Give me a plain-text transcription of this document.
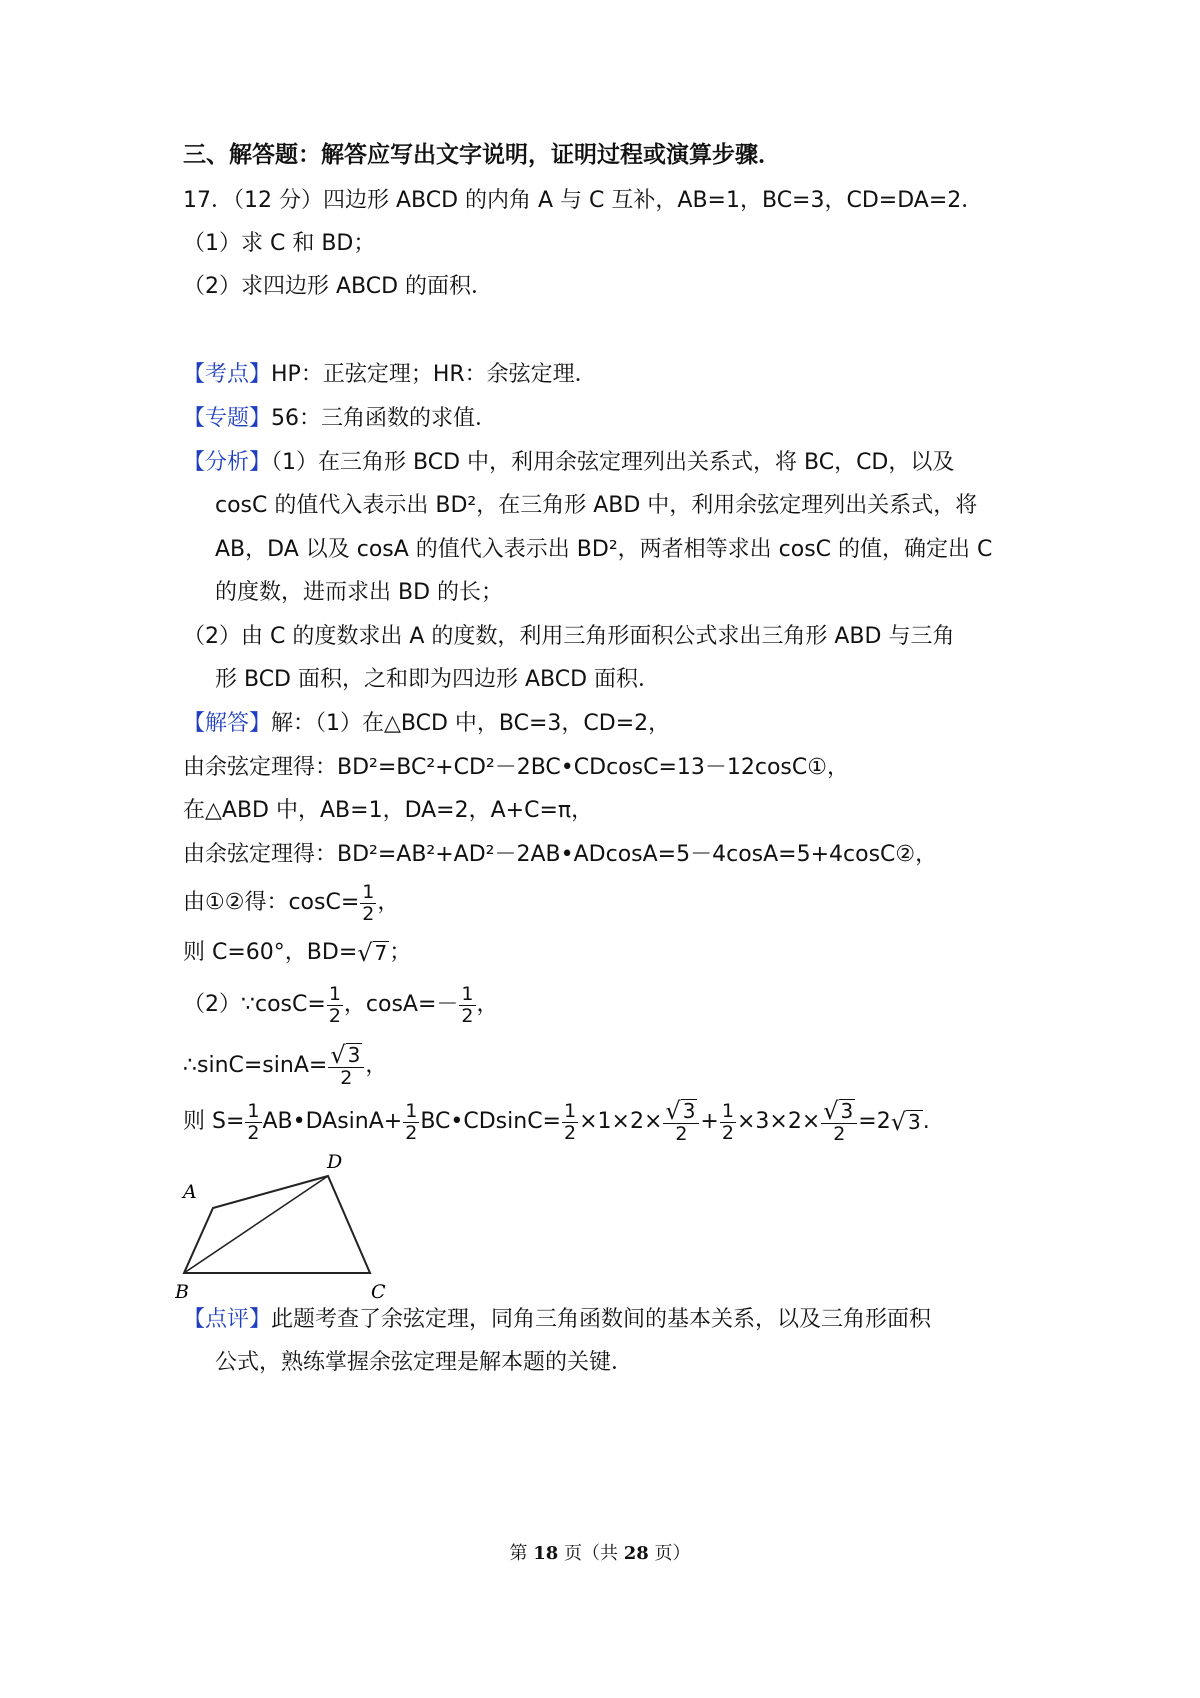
三、解答题：解答应写出文字说明，证明过程或演算步骤．
17．（12 分）四边形 ABCD 的内角 A 与 C 互补，AB=1，BC=3，CD=DA=2．
（1）求 C 和 BD；
（2）求四边形 ABCD 的面积．
【考点】HP：正弦定理；HR：余弦定理．
【专题】56：三角函数的求值．
【分析】（1）在三角形 BCD 中，利用余弦定理列出关系式，将 BC，CD，以及
cosC 的值代入表示出 BD²，在三角形 ABD 中，利用余弦定理列出关系式，将
AB，DA 以及 cosA 的值代入表示出 BD²，两者相等求出 cosC 的值，确定出 C
的度数，进而求出 BD 的长；
（2）由 C 的度数求出 A 的度数，利用三角形面积公式求出三角形 ABD 与三角
形 BCD 面积，之和即为四边形 ABCD 面积．
【解答】解：（1）在△BCD 中，BC=3，CD=2，
由余弦定理得：BD²=BC²+CD²－2BC•CDcosC=13－12cosC①，
在△ABD 中，AB=1，DA=2，A+C=π，
由余弦定理得：BD²=AB²+AD²－2AB•ADcosA=5－4cosA=5+4cosC②，
由①②得：$\cos C= \frac{1}{2}$ ，
则 C=60°，BD= √ 7 ；
（2）∵cosC= $\frac{1}{2}$ ，$\cos A=- \frac{1}{2}$ ，
∴sinC=sinA= $\frac{√ 3}{2}$ ，
则 $S= \frac{1}{2}$ AB•DAsinA+ $\frac{1}{2}$ BC•CDsinC= $\frac{1}{2} \times 1\times 2\times \frac{√ 3}{2} + \frac{1}{2} \times 3\times 2\times \frac{√ 3}{2} =2$ √ 3 .
A
D
C
B
【点评】此题考查了余弦定理，同角三角函数间的基本关系，以及三角形面积
公式，熟练掌握余弦定理是解本题的关键．
第 18 页（共 28 页）
